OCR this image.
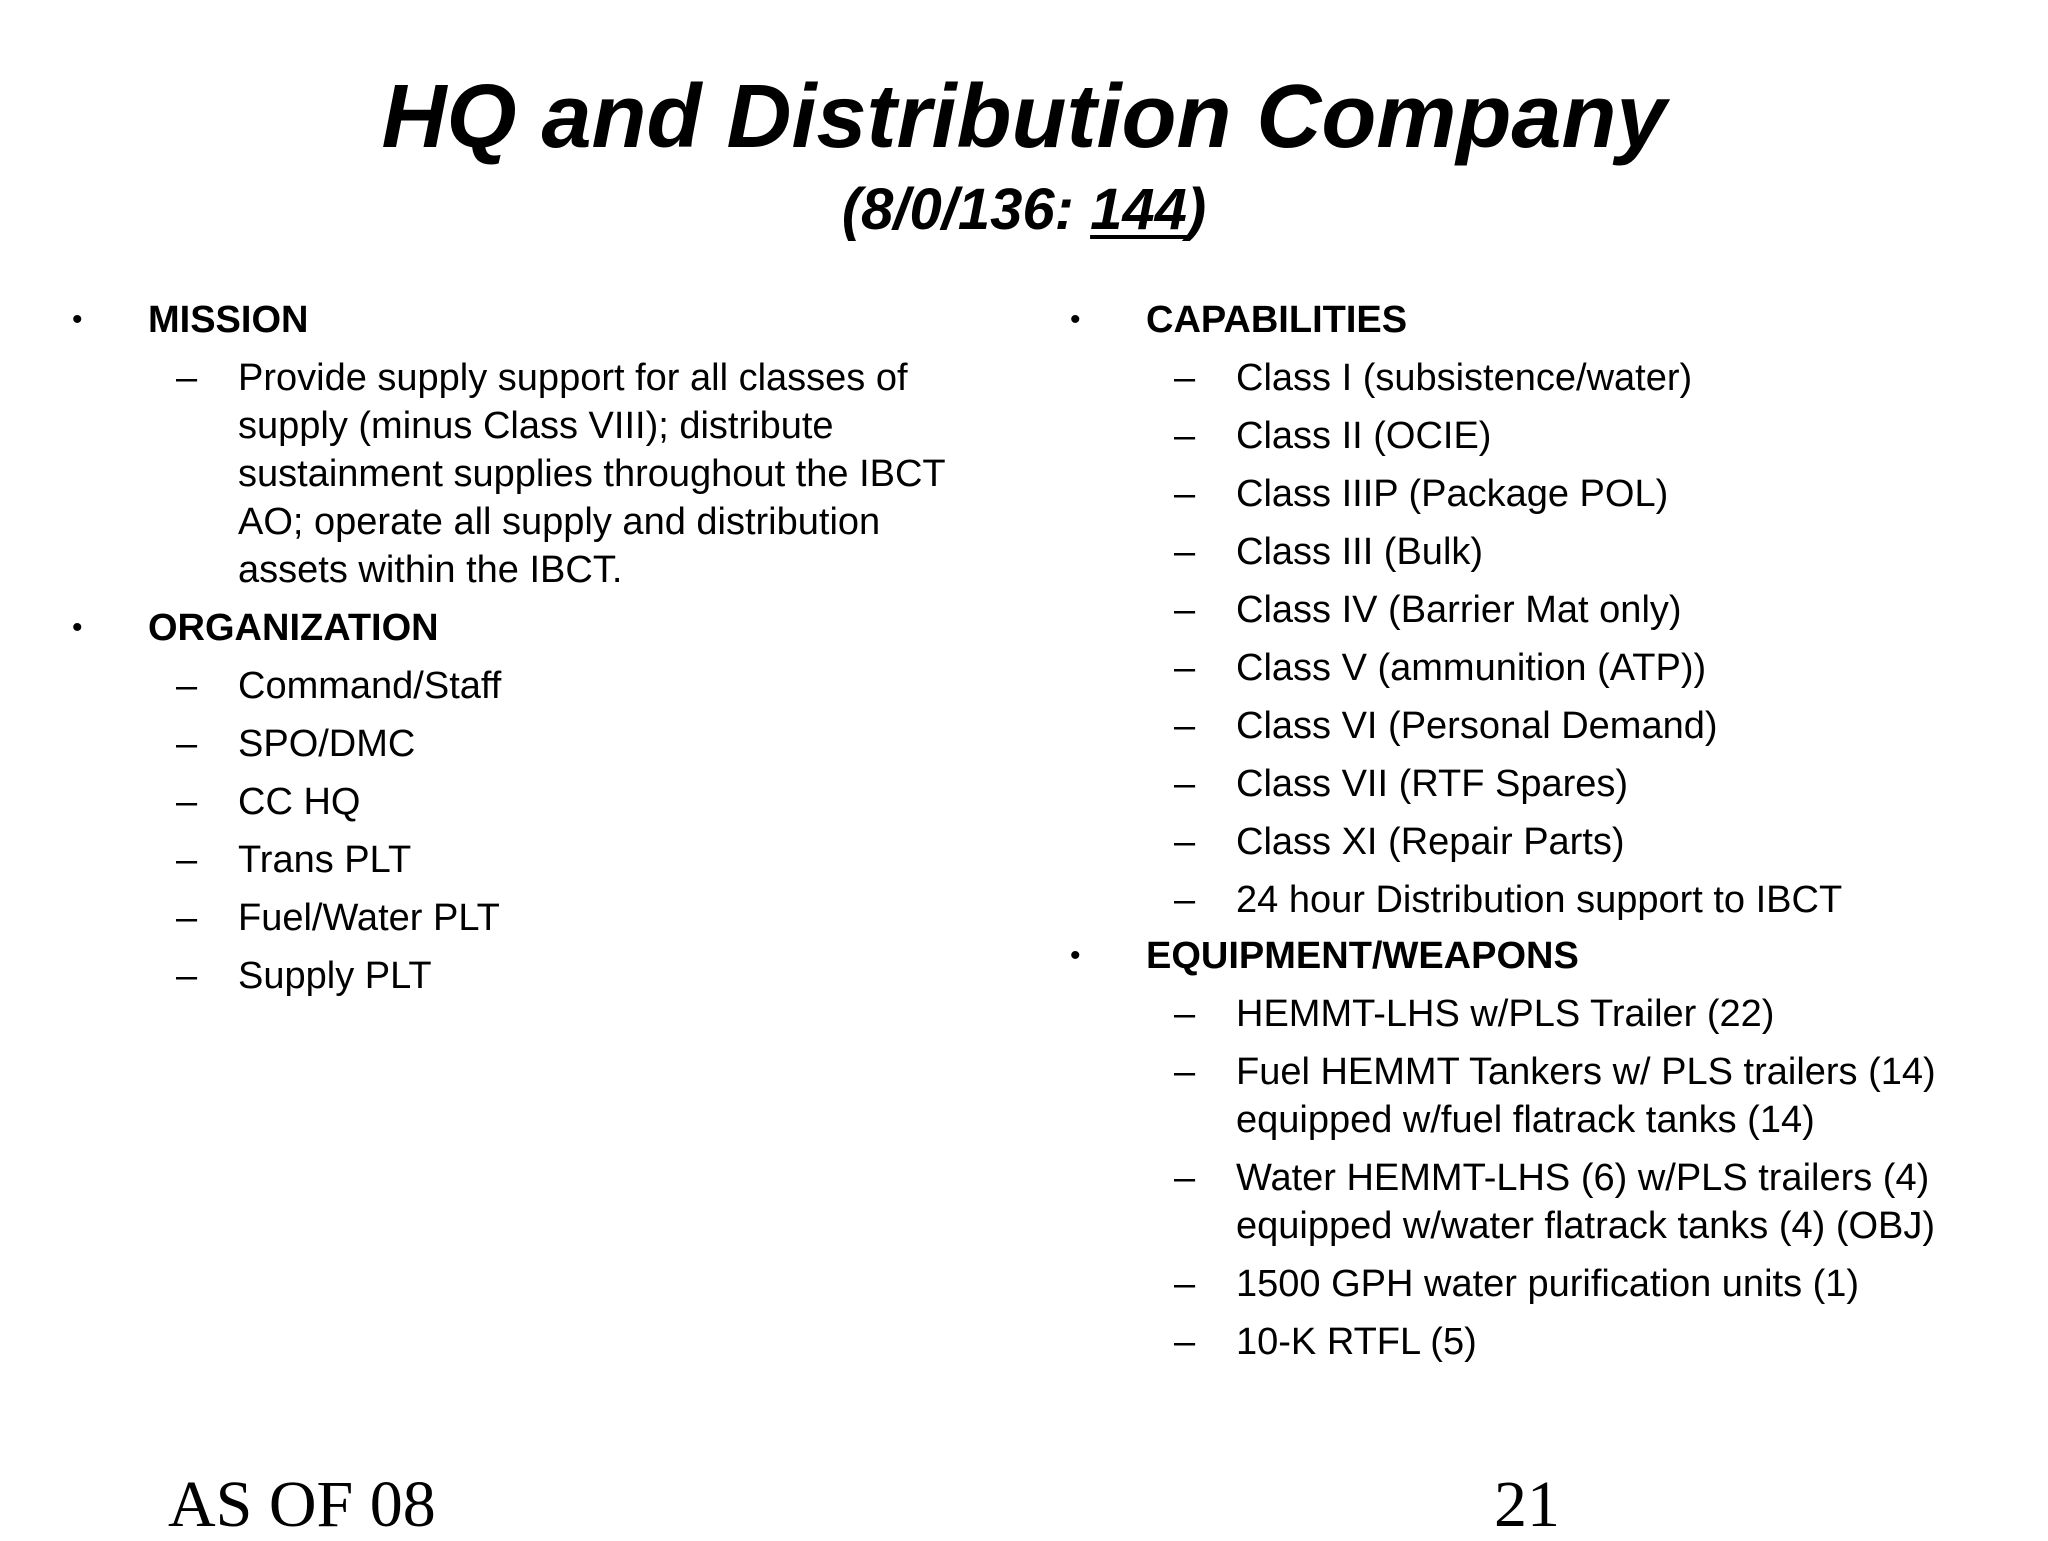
HQ and Distribution Company
(8/0/136: 144)
• MISSION
– Provide supply support for all classes of
supply (minus Class VIII); distribute
sustainment supplies throughout the IBCT
AO; operate all supply and distribution
assets within the IBCT.
• ORGANIZATION
– Command/Staff
– SPO/DMC
– CC HQ
– Trans PLT
– Fuel/Water PLT
– Supply PLT
• CAPABILITIES
– Class I (subsistence/water)
– Class II (OCIE)
– Class IIIP (Package POL)
– Class III (Bulk)
– Class IV (Barrier Mat only)
– Class V (ammunition (ATP))
– Class VI (Personal Demand)
– Class VII (RTF Spares)
– Class XI (Repair Parts)
– 24 hour Distribution support to IBCT
• EQUIPMENT/WEAPONS
– HEMMT-LHS w/PLS Trailer (22)
– Fuel HEMMT Tankers w/ PLS trailers (14)
equipped w/fuel flatrack tanks (14)
– Water HEMMT-LHS (6) w/PLS trailers (4)
equipped w/water flatrack tanks (4) (OBJ)
– 1500 GPH water purification units (1)
– 10-K RTFL (5)
AS OF 08	21
